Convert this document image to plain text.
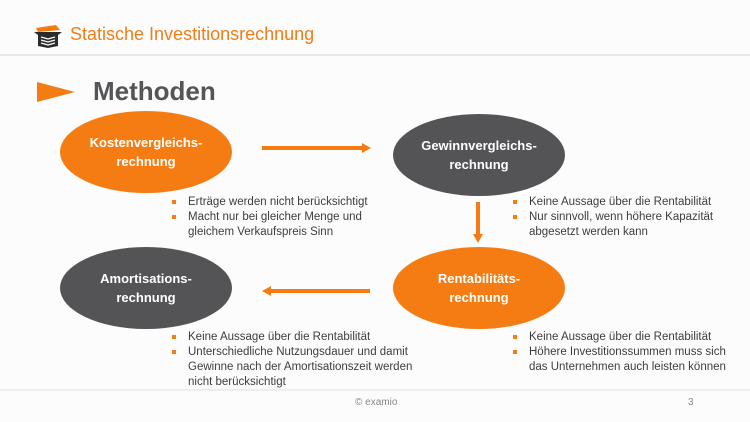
Statische Investitionsrechnung
Methoden
Kostenvergleichs-
rechnung
Gewinnvergleichs-
rechnung
Rentabilitäts-
rechnung
Amortisations-
rechnung
Erträge werden nicht berücksichtigt
Macht nur bei gleicher Menge und gleichem Verkaufspreis Sinn
Keine Aussage über die Rentabilität
Nur sinnvoll, wenn höhere Kapazität abgesetzt werden kann
Keine Aussage über die Rentabilität
Unterschiedliche Nutzungsdauer und damit Gewinne nach der Amortisationszeit werden nicht berücksichtigt
Keine Aussage über die Rentabilität
Höhere Investitionssummen muss sich das Unternehmen auch leisten können
© examio	3
